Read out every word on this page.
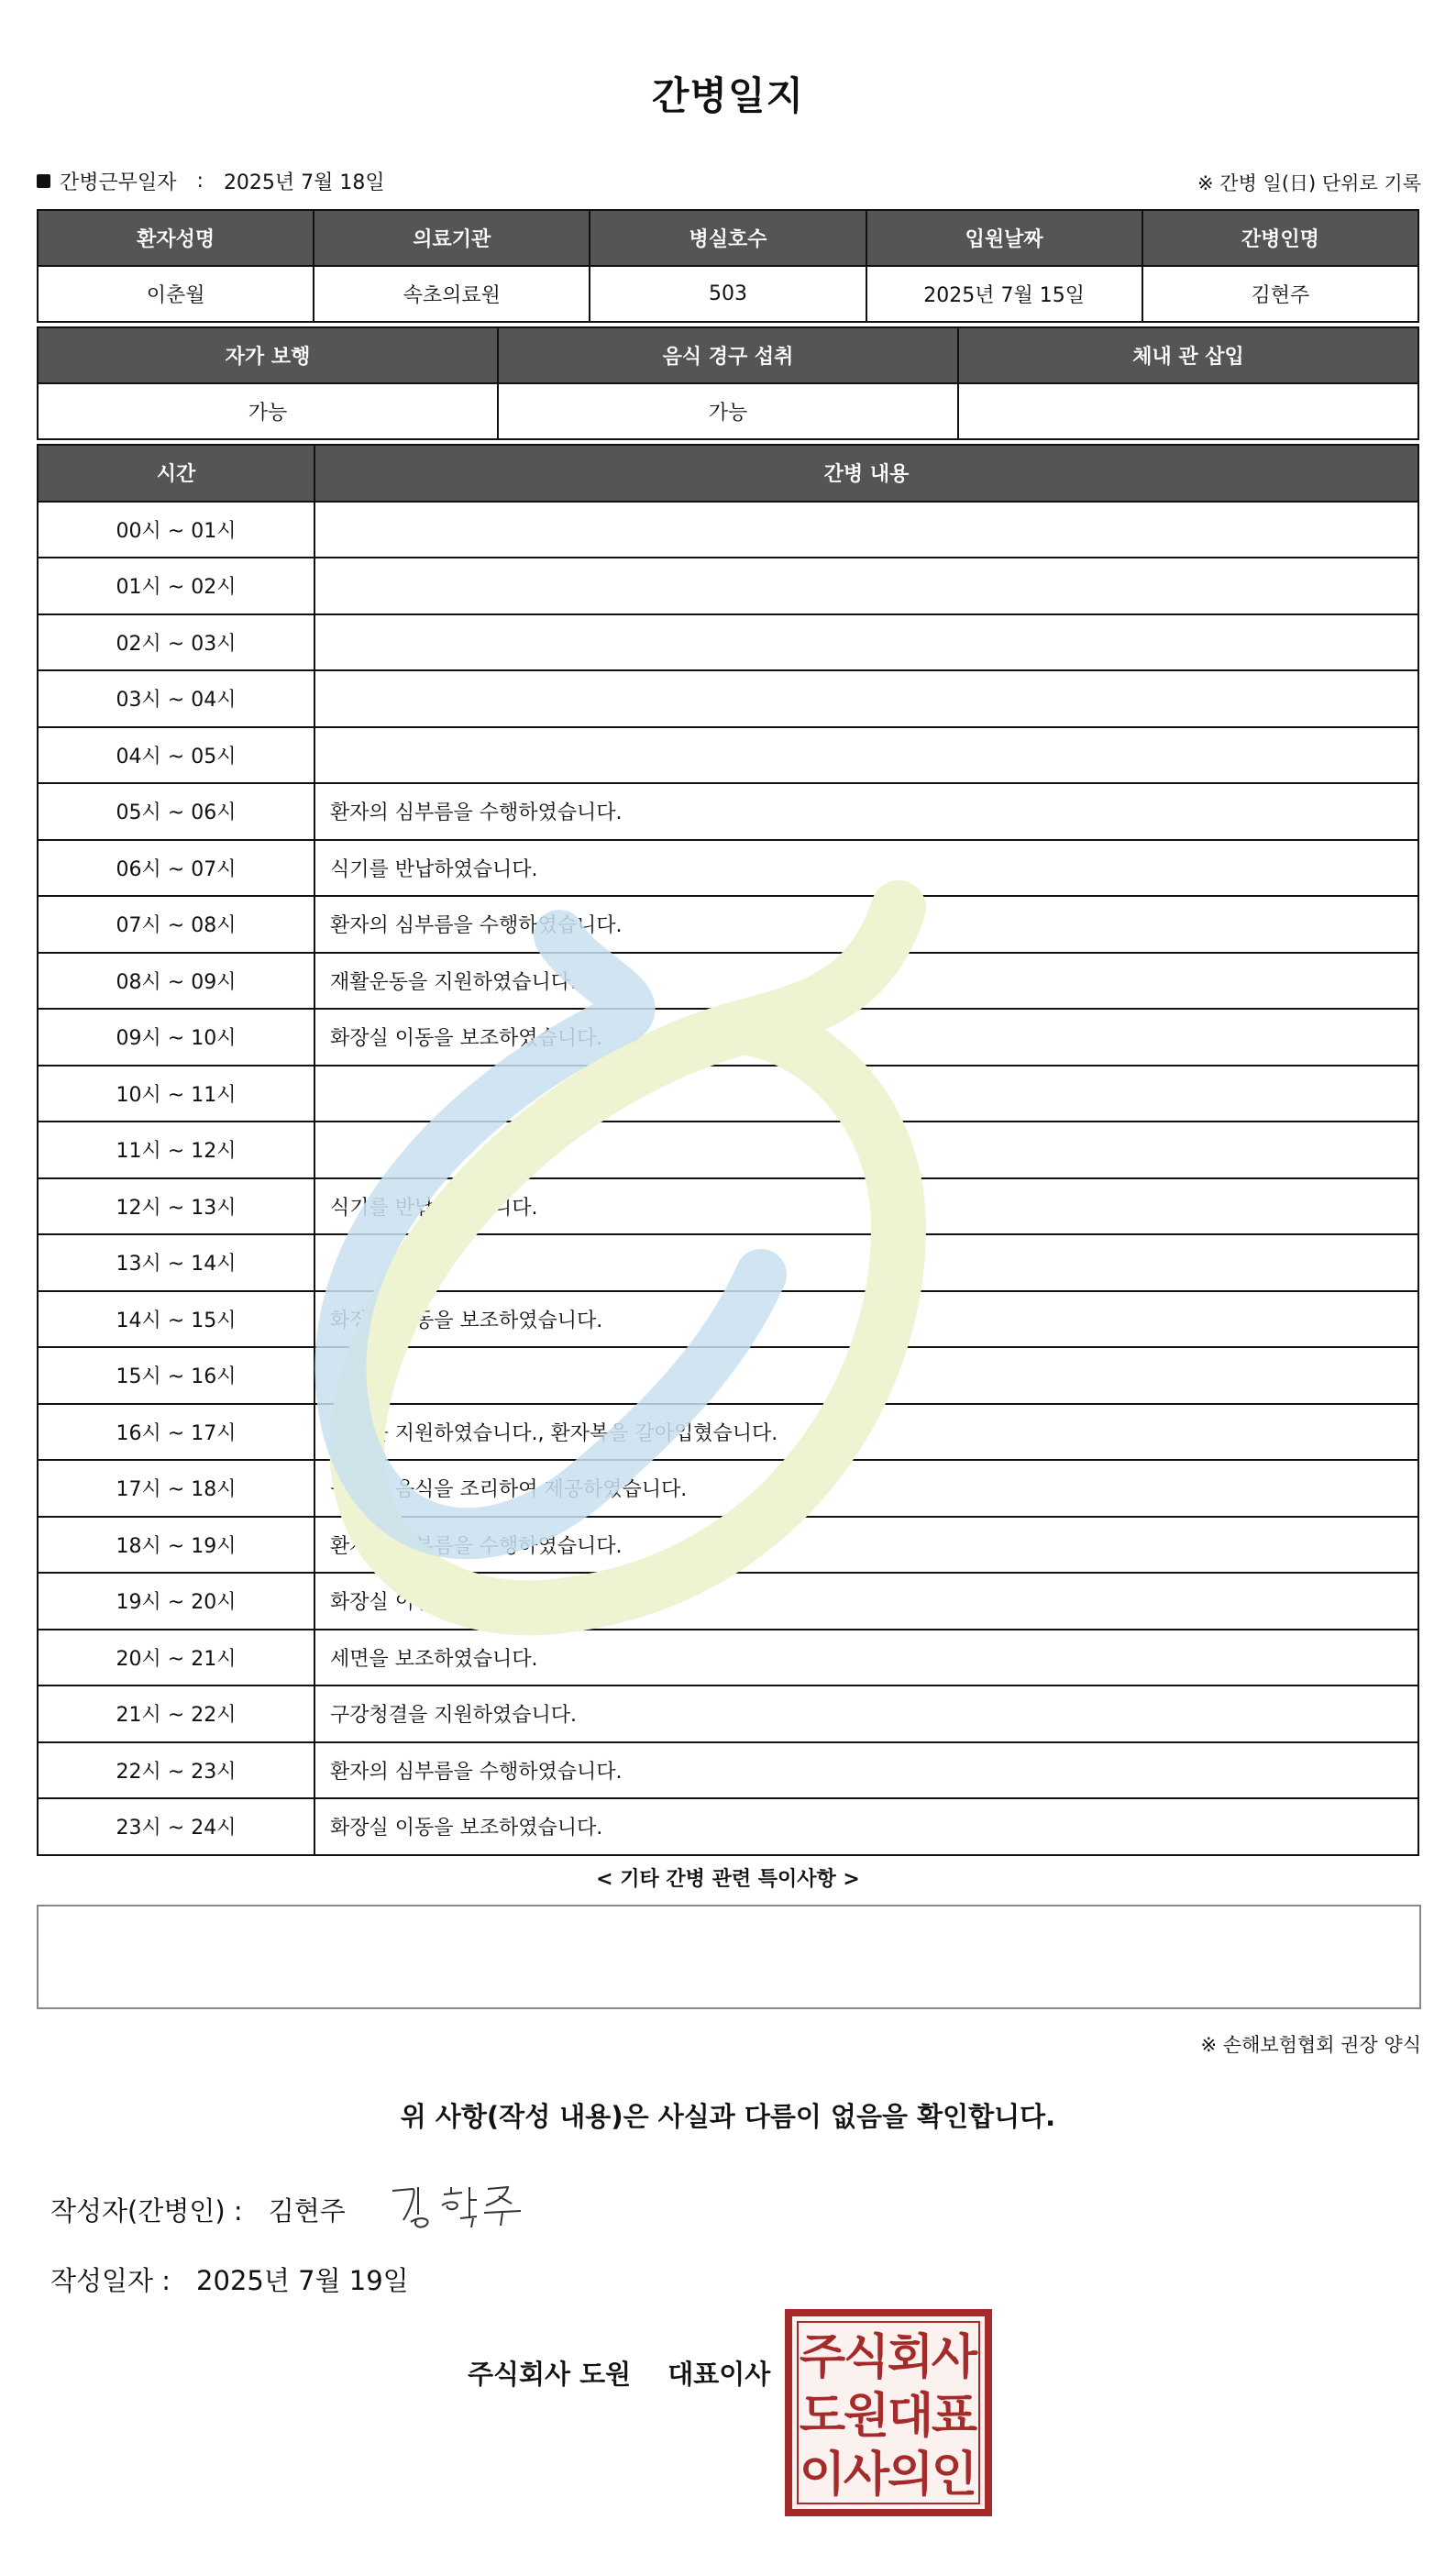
간병일지
간병근무일자 : 2025년 7월 18일	※ 간병 일(日) 단위로 기록
환자성명	의료기관	병실호수	입원날짜	간병인명
이춘월	속초의료원	503	2025년 7월 15일	김현주
자가 보행	음식 경구 섭취	체내 관 삽입
가능	가능	
시간	간병 내용
00시 ~ 01시	
01시 ~ 02시	
02시 ~ 03시	
03시 ~ 04시	
04시 ~ 05시	
05시 ~ 06시	환자의 심부름을 수행하였습니다.
06시 ~ 07시	식기를 반납하였습니다.
07시 ~ 08시	환자의 심부름을 수행하였습니다.
08시 ~ 09시	재활운동을 지원하였습니다.
09시 ~ 10시	화장실 이동을 보조하였습니다.
10시 ~ 11시	
11시 ~ 12시	
12시 ~ 13시	식기를 반납하였습니다.
13시 ~ 14시	
14시 ~ 15시	화장실 이동을 보조하였습니다.
15시 ~ 16시	
16시 ~ 17시	샤워를 지원하였습니다., 환자복을 갈아입혔습니다.
17시 ~ 18시	원하는 음식을 조리하여 제공하였습니다.
18시 ~ 19시	환자의 심부름을 수행하였습니다.
19시 ~ 20시	화장실 이동을 보조하였습니다.
20시 ~ 21시	세면을 보조하였습니다.
21시 ~ 22시	구강청결을 지원하였습니다.
22시 ~ 23시	환자의 심부름을 수행하였습니다.
23시 ~ 24시	화장실 이동을 보조하였습니다.
< 기타 간병 관련 특이사항 >
※ 손해보험협회 권장 양식
위 사항(작성 내용)은 사실과 다름이 없음을 확인합니다.
작성자(간병인) : 김현주
작성일자 : 2025년 7월 19일
주식회사 도원 대표이사 주
식
회
사
도
원
대
표
이
사
의
인
